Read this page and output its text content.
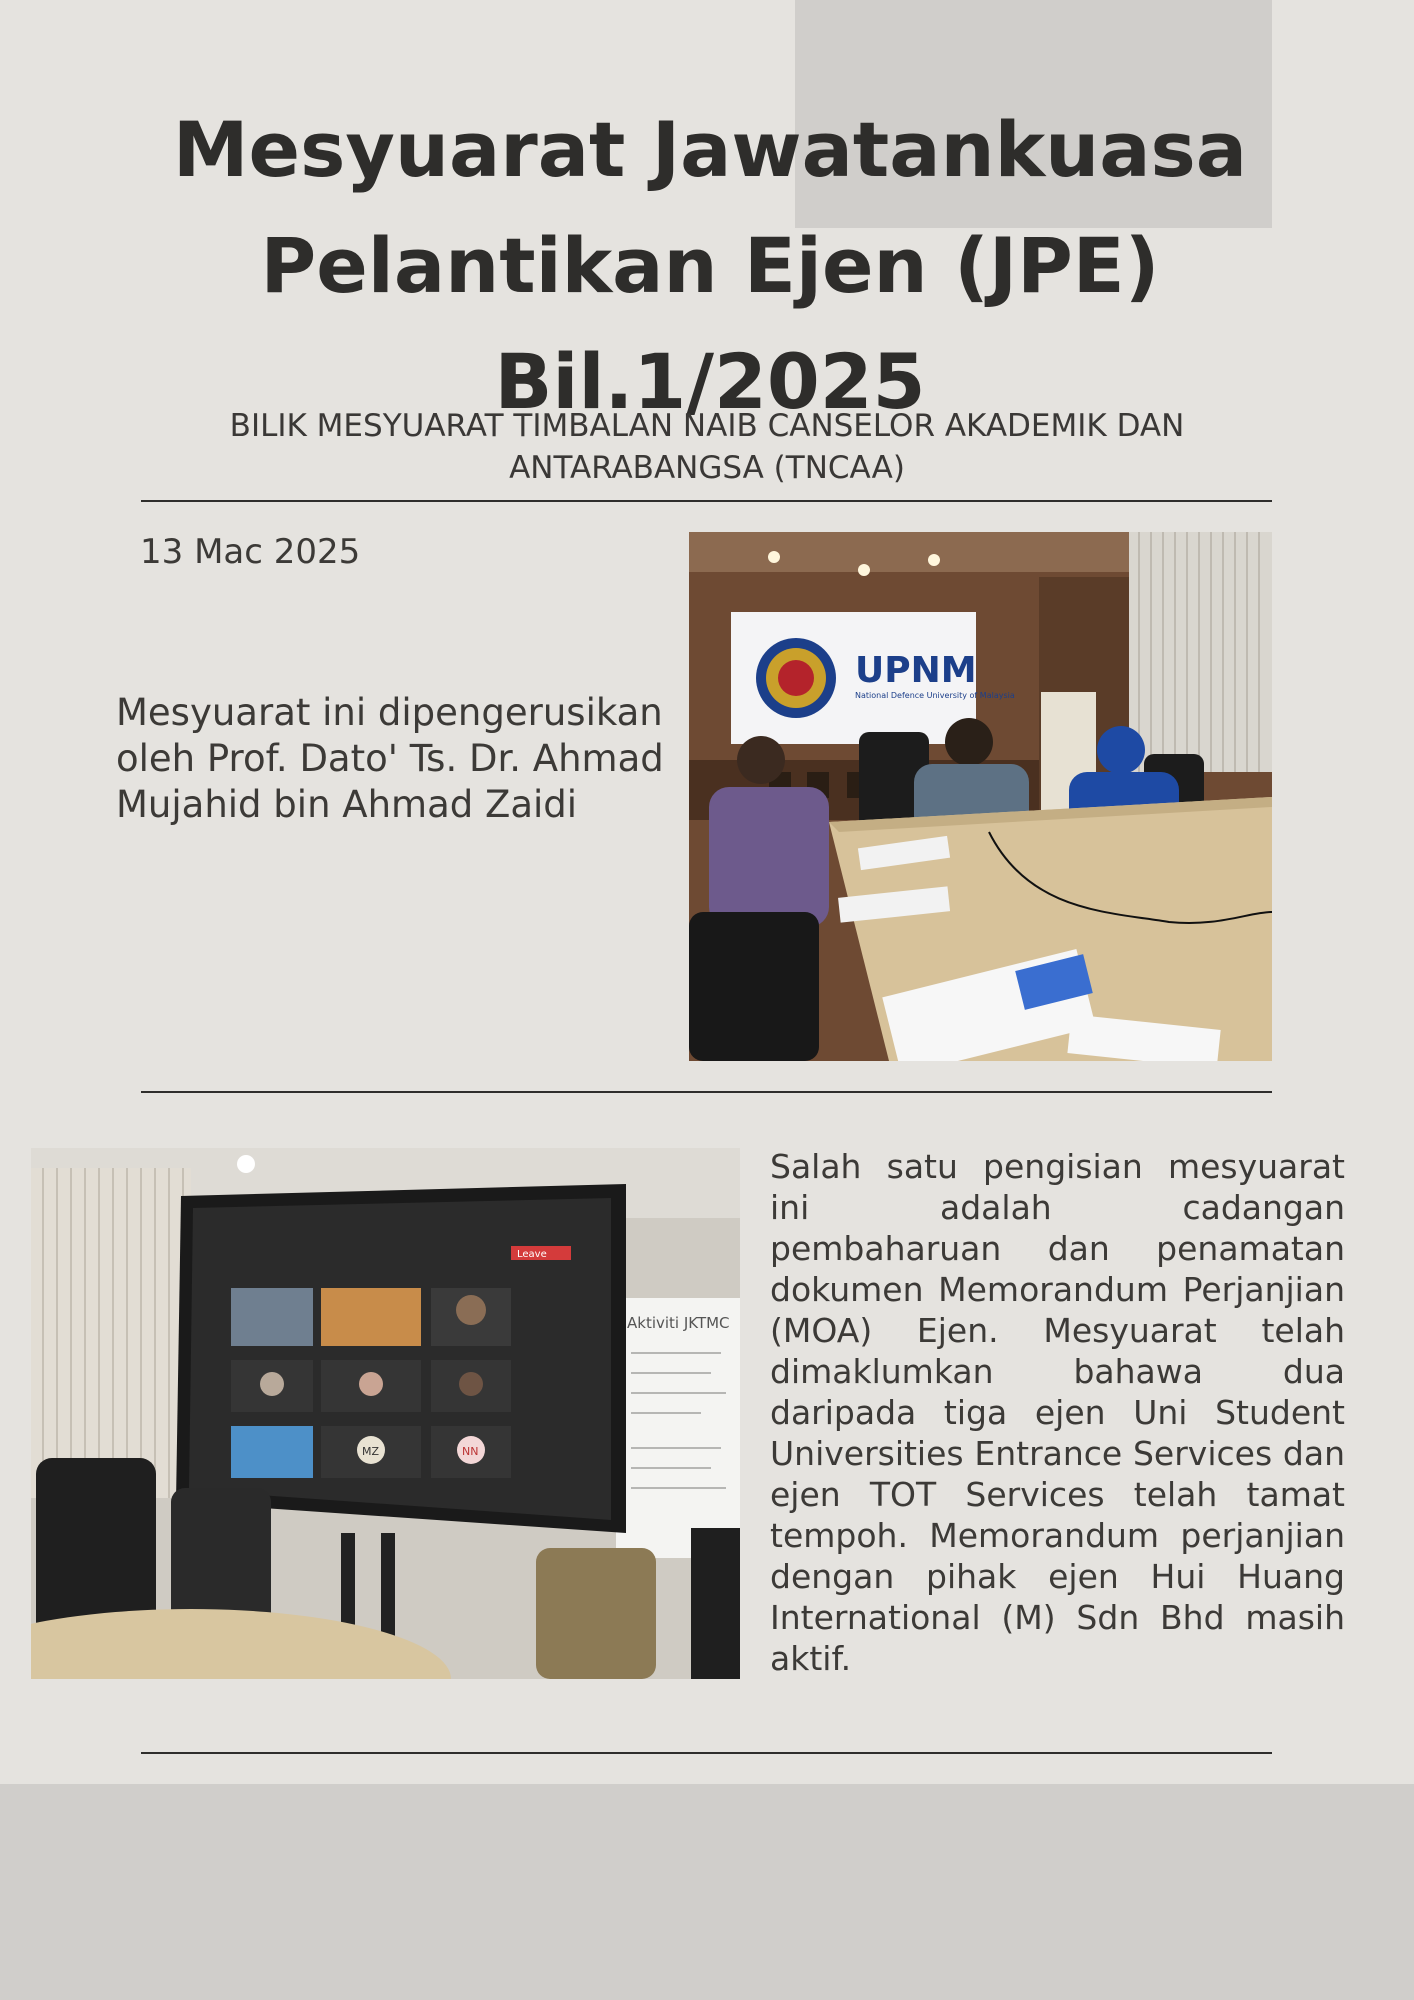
Mesyuarat Jawatankuasa Pelantikan Ejen (JPE) Bil.1/2025
BILIK MESYUARAT TIMBALAN NAIB CANSELOR AKADEMIK DAN ANTARABANGSA (TNCAA)
13 Mac 2025
Mesyuarat ini dipengerusikan oleh Prof. Dato' Ts. Dr. Ahmad Mujahid bin Ahmad Zaidi
UPNM
National Defence University of Malaysia
Aktiviti JKTMC
Leave
MZ	NN
Salah satu pengisian mesyuarat ini adalah cadangan pembaharuan dan penamatan dokumen Memorandum Perjanjian (MOA) Ejen. Mesyuarat telah dimaklumkan bahawa dua daripada tiga ejen Uni Student Universities Entrance Services dan ejen TOT Services telah tamat tempoh. Memorandum perjanjian dengan pihak ejen Hui Huang International (M) Sdn Bhd masih aktif.
